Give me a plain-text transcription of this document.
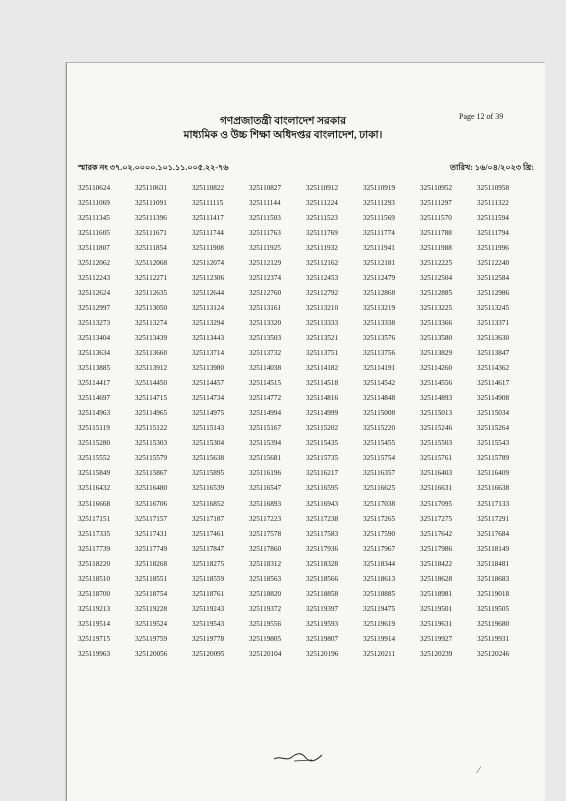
গণপ্রজাতন্ত্রী বাংলাদেশ সরকার
মাধ্যমিক ও উচ্চ শিক্ষা অধিদপ্তর বাংলাদেশ, ঢাকা।
Page 12 of 39
স্মারক নং ৩৭.০২.০০০০.১০১.১১.০০৫.২২-৭৬	তারিখ: ১৬/০৪/২০২৩ খ্রি:
325110624	325110631	325110822	325110827	325110912	325110919	325110952	325110958
325111069	325111091	325111115	325111144	325111224	325111293	325111297	325111322
325111345	325111396	325111417	325111503	325111523	325111569	325111570	325111594
325111605	325111671	325111744	325111763	325111769	325111774	325111788	325111794
325111807	325111854	325111908	325111925	325111932	325111941	325111988	325111996
325112062	325112068	325112074	325112129	325112162	325112181	325112225	325112240
325112243	325112271	325112306	325112374	325112453	325112479	325112504	325112584
325112624	325112635	325112644	325112760	325112792	325112868	325112885	325112986
325112997	325113050	325113124	325113161	325113210	325113219	325113225	325113245
325113273	325113274	325113294	325113320	325113333	325113338	325113366	325113371
325113404	325113439	325113443	325113503	325113521	325113576	325113580	325113630
325113634	325113660	325113714	325113732	325113751	325113756	325113829	325113847
325113885	325113912	325113980	325114038	325114182	325114191	325114260	325114362
325114417	325114450	325114457	325114515	325114518	325114542	325114556	325114617
325114697	325114715	325114734	325114772	325114816	325114848	325114893	325114908
325114963	325114965	325114975	325114994	325114999	325115008	325115013	325115034
325115119	325115122	325115143	325115167	325115202	325115220	325115246	325115264
325115280	325115303	325115304	325115394	325115435	325115455	325115503	325115543
325115552	325115579	325115638	325115681	325115735	325115754	325115761	325115789
325115849	325115867	325115895	325116196	325116217	325116357	325116403	325116409
325116432	325116480	325116539	325116547	325116595	325116625	325116631	325116638
325116668	325116706	325116852	325116893	325116943	325117038	325117095	325117133
325117151	325117157	325117187	325117223	325117238	325117265	325117275	325117291
325117335	325117431	325117461	325117578	325117583	325117590	325117642	325117684
325117739	325117749	325117847	325117860	325117936	325117967	325117986	325118149
325118220	325118268	325118275	325118312	325118328	325118344	325118422	325118481
325118510	325118551	325118559	325118563	325118566	325118613	325118628	325118683
325118700	325118754	325118761	325118820	325118858	325118885	325118981	325119018
325119213	325119228	325119243	325119372	325119397	325119475	325119501	325119505
325119514	325119524	325119543	325119556	325119593	325119619	325119631	325119680
325119715	325119759	325119778	325119805	325119807	325119914	325119927	325119931
325119963	325120056	325120095	325120104	325120196	325120211	325120239	325120246
⁄
